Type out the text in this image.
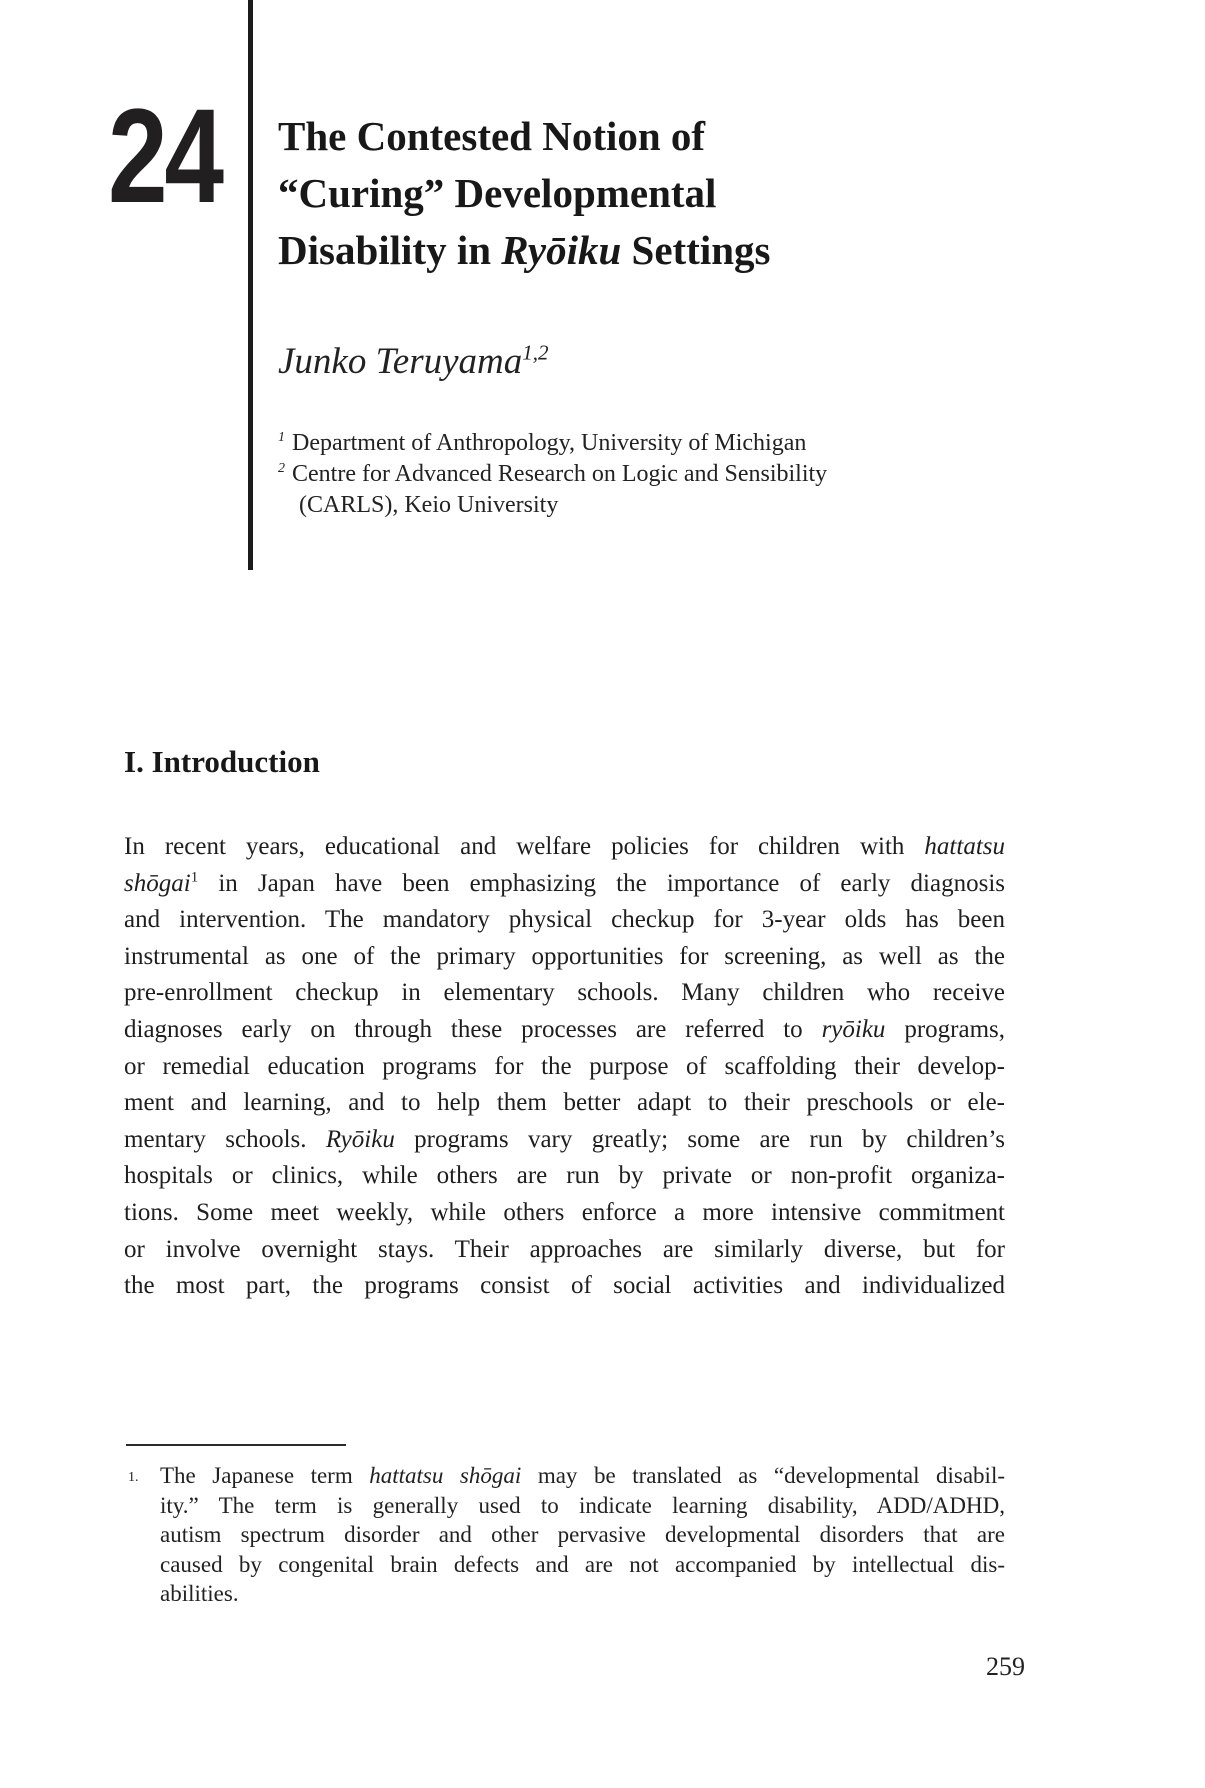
24 The Contested Notion of
“Curing” Developmental
Disability in Ryōiku Settings
Junko Teruyama$^{1,2}$
$^1$ Department of Anthropology, University of Michigan
$^2$ Centre for Advanced Research on Logic and Sensibility
(CARLS), Keio University
I. Introduction
In recent years, educational and welfare policies for children with hattatsu
shōgai$^1$ in Japan have been emphasizing the importance of early diagnosis
and intervention. The mandatory physical checkup for 3-year olds has been
instrumental as one of the primary opportunities for screening, as well as the
pre-enrollment checkup in elementary schools. Many children who receive
diagnoses early on through these processes are referred to ryōiku programs,
or remedial education programs for the purpose of scaffolding their develop-
ment and learning, and to help them better adapt to their preschools or ele-
mentary schools. Ryōiku programs vary greatly; some are run by children’s
hospitals or clinics, while others are run by private or non-profit organiza-
tions. Some meet weekly, while others enforce a more intensive commitment
or involve overnight stays. Their approaches are similarly diverse, but for
the most part, the programs consist of social activities and individualized
1. The Japanese term hattatsu shōgai may be translated as “developmental disabil-
ity.” The term is generally used to indicate learning disability, ADD/ADHD,
autism spectrum disorder and other pervasive developmental disorders that are
caused by congenital brain defects and are not accompanied by intellectual dis-
abilities.
259
